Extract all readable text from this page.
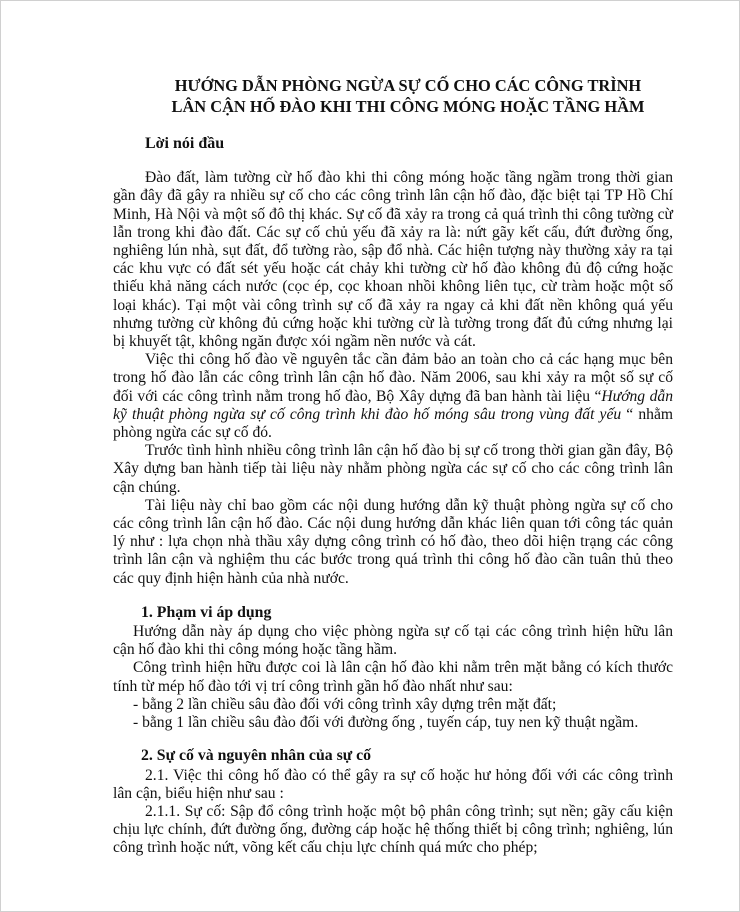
HƯỚNG DẪN PHÒNG NGỪA SỰ CỐ CHO CÁC CÔNG TRÌNH
LÂN CẬN HỐ ĐÀO KHI THI CÔNG MÓNG HOẶC TẦNG HẦM
Lời nói đầu

Đào đất, làm tường cừ hố đào khi thi công móng hoặc tầng ngầm trong thời gian gần đây đã gây ra nhiều sự cố cho các công trình lân cận hố đào, đặc biệt tại TP Hồ Chí Minh, Hà Nội và một số đô thị khác. Sự cố đã xảy ra trong cả quá trình thi công tường cừ lẫn trong khi đào đất. Các sự cố chủ yếu đã xảy ra là: nứt gãy kết cấu, đứt đường ống, nghiêng lún nhà, sụt đất, đổ tường rào, sập đổ nhà. Các hiện tượng này thường xảy ra tại các khu vực có đất sét yếu hoặc cát chảy khi tường cừ hố đào không đủ độ cứng hoặc thiếu khả năng cách nước (cọc ép, cọc khoan nhồi không liên tục, cừ tràm hoặc một số loại khác). Tại một vài công trình sự cố đã xảy ra ngay cả khi đất nền không quá yếu nhưng tường cừ không đủ cứng hoặc khi tường cừ là tường trong đất đủ cứng nhưng lại bị khuyết tật, không ngăn được xói ngầm nền nước và cát.

Việc thi công hố đào về nguyên tắc cần đảm bảo an toàn cho cả các hạng mục bên trong hố đào lẫn các công trình lân cận hố đào. Năm 2006, sau khi xảy ra một số sự cố đối với các công trình nằm trong hố đào, Bộ Xây dựng đã ban hành tài liệu “Hướng dẫn kỹ thuật phòng ngừa sự cố công trình khi đào hố móng sâu trong vùng đất yếu “ nhằm phòng ngừa các sự cố đó.

Trước tình hình nhiều công trình lân cận hố đào bị sự cố trong thời gian gần đây, Bộ Xây dựng ban hành tiếp tài liệu này nhằm phòng ngừa các sự cố cho các công trình lân cận chúng.

Tài liệu này chỉ bao gồm các nội dung hướng dẫn kỹ thuật phòng ngừa sự cố cho các công trình lân cận hố đào. Các nội dung hướng dẫn khác liên quan tới công tác quản lý như : lựa chọn nhà thầu xây dựng công trình có hố đào, theo dõi hiện trạng các công trình lân cận và nghiệm thu các bước trong quá trình thi công hố đào cần tuân thủ theo các quy định hiện hành của nhà nước.

1. Phạm vi áp dụng

Hướng dẫn này áp dụng cho việc phòng ngừa sự cố tại các công trình hiện hữu lân cận hố đào khi thi công móng hoặc tầng hầm.

Công trình hiện hữu được coi là lân cận hố đào khi nằm trên mặt bằng có kích thước tính từ mép hố đào tới vị trí công trình gần hố đào nhất như sau:

- bằng 2 lần chiều sâu đào đối với công trình xây dựng trên mặt đất;

- bằng 1 lần chiều sâu đào đối với đường ống , tuyến cáp, tuy nen kỹ thuật ngầm.

2. Sự cố và nguyên nhân của sự cố

2.1. Việc thi công hố đào có thể gây ra sự cố hoặc hư hỏng đối với các công trình lân cận, biểu hiện như sau :

2.1.1. Sự cố: Sập đổ công trình hoặc một bộ phân công trình; sụt nền; gãy cấu kiện chịu lực chính, đứt đường ống, đường cáp hoặc hệ thống thiết bị công trình; nghiêng, lún công trình hoặc nứt, võng kết cấu chịu lực chính quá mức cho phép;
